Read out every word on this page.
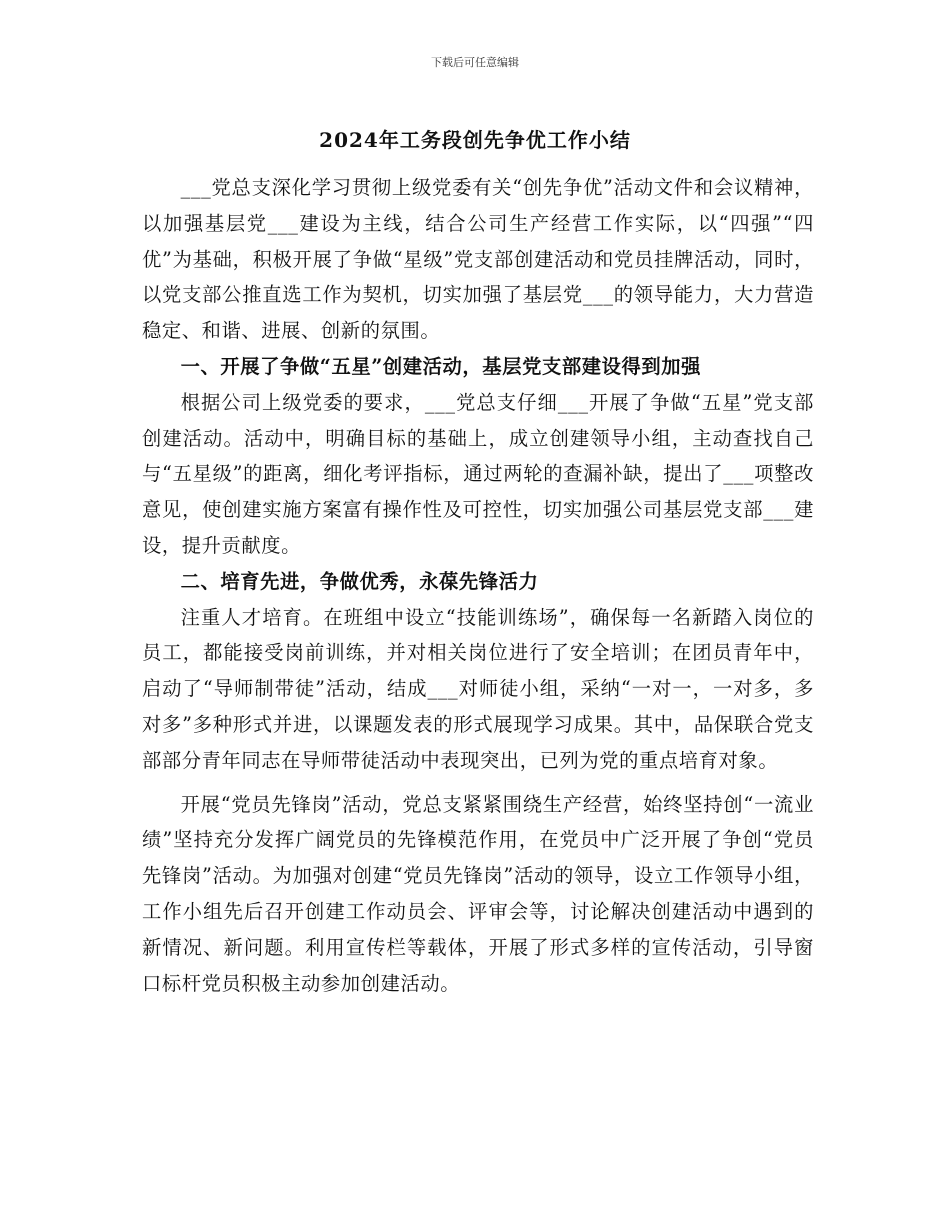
下载后可任意编辑
2024年工务段创先争优工作小结

___党总支深化学习贯彻上级党委有关“创先争优”活动文件和会议精神，以加强基层党___建设为主线，结合公司生产经营工作实际，以“四强”“四优”为基础，积极开展了争做“星级”党支部创建活动和党员挂牌活动，同时，以党支部公推直选工作为契机，切实加强了基层党___的领导能力，大力营造稳定、和谐、进展、创新的氛围。

一、开展了争做“五星”创建活动，基层党支部建设得到加强

根据公司上级党委的要求，___党总支仔细___开展了争做“五星”党支部创建活动。活动中，明确目标的基础上，成立创建领导小组，主动查找自己与“五星级”的距离，细化考评指标，通过两轮的查漏补缺，提出了___项整改意见，使创建实施方案富有操作性及可控性，切实加强公司基层党支部___建设，提升贡献度。

二、培育先进，争做优秀，永葆先锋活力

注重人才培育。在班组中设立“技能训练场”，确保每一名新踏入岗位的员工，都能接受岗前训练，并对相关岗位进行了安全培训；在团员青年中，启动了“导师制带徒”活动，结成___对师徒小组，采纳“一对一，一对多，多对多”多种形式并进，以课题发表的形式展现学习成果。其中，品保联合党支部部分青年同志在导师带徒活动中表现突出，已列为党的重点培育对象。

开展“党员先锋岗”活动，党总支紧紧围绕生产经营，始终坚持创“一流业绩”坚持充分发挥广阔党员的先锋模范作用，在党员中广泛开展了争创“党员先锋岗”活动。为加强对创建“党员先锋岗”活动的领导，设立工作领导小组，工作小组先后召开创建工作动员会、评审会等，讨论解决创建活动中遇到的新情况、新问题。利用宣传栏等载体，开展了形式多样的宣传活动，引导窗口标杆党员积极主动参加创建活动。
